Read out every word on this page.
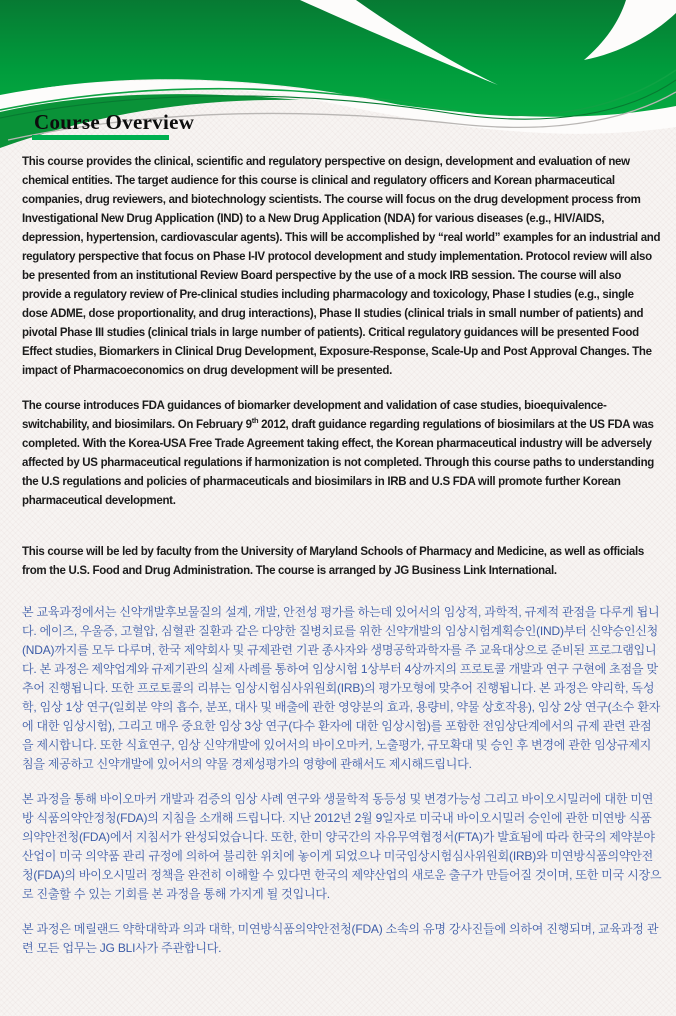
Course Overview

This course provides the clinical, scientific and regulatory perspective on design, development and evaluation of new chemical entities. The target audience for this course is clinical and regulatory officers and Korean pharmaceutical companies, drug reviewers, and biotechnology scientists. The course will focus on the drug development process from Investigational New Drug Application (IND) to a New Drug Application (NDA) for various diseases (e.g., HIV/AIDS, depression, hypertension, cardiovascular agents). This will be accomplished by “real world” examples for an industrial and regulatory perspective that focus on Phase I-IV protocol development and study implementation. Protocol review will also be presented from an institutional Review Board perspective by the use of a mock IRB session. The course will also provide a regulatory review of Pre-clinical studies including pharmacology and toxicology, Phase I studies (e.g., single dose ADME, dose proportionality, and drug interactions), Phase II studies (clinical trials in small number of patients) and pivotal Phase III studies (clinical trials in large number of patients). Critical regulatory guidances will be presented Food Effect studies, Biomarkers in Clinical Drug Development, Exposure-Response, Scale-Up and Post Approval Changes. The impact of Pharmacoeconomics on drug development will be presented.

The course introduces FDA guidances of biomarker development and validation of case studies, bioequivalence-switchability, and biosimilars. On February 9th 2012, draft guidance regarding regulations of biosimilars at the US FDA was completed. With the Korea-USA Free Trade Agreement taking effect, the Korean pharmaceutical industry will be adversely affected by US pharmaceutical regulations if harmonization is not completed. Through this course paths to understanding the U.S regulations and policies of pharmaceuticals and biosimilars in IRB and U.S FDA will promote further Korean pharmaceutical development.

This course will be led by faculty from the University of Maryland Schools of Pharmacy and Medicine, as well as officials from the U.S. Food and Drug Administration. The course is arranged by JG Business Link International.

본 교육과정에서는 신약개발후보물질의 설계, 개발, 안전성 평가를 하는데 있어서의 임상적, 과학적, 규제적 관점을 다루게 됩니다. 에이즈, 우울증, 고혈압, 심혈관 질환과 같은 다양한 질병치료를 위한 신약개발의 임상시험계획승인(IND)부터 신약승인신청(NDA)까지를 모두 다루며, 한국 제약회사 및 규제관련 기관 종사자와 생명공학과학자를 주 교육대상으로 준비된 프로그램입니다. 본 과정은 제약업계와 규제기관의 실제 사례를 통하여 임상시험 1상부터 4상까지의 프로토콜 개발과 연구 구현에 초점을 맞추어 진행됩니다. 또한 프로토콜의 리뷰는 임상시험심사위원회(IRB)의 평가모형에 맞추어 진행됩니다. 본 과정은 약리학, 독성학, 임상 1상 연구(일회분 약의 흡수, 분포, 대사 및 배출에 관한 영양분의 효과, 용량비, 약물 상호작용), 임상 2상 연구(소수 환자에 대한 임상시험), 그리고 매우 중요한 임상 3상 연구(다수 환자에 대한 임상시험)를 포함한 전임상단계에서의 규제 관련 관점을 제시합니다. 또한 식효연구, 임상 신약개발에 있어서의 바이오마커, 노출평가, 규모확대 및 승인 후 변경에 관한 임상규제지침을 제공하고 신약개발에 있어서의 약물 경제성평가의 영향에 관해서도 제시해드립니다.

본 과정을 통해 바이오마커 개발과 검증의 임상 사례 연구와 생물학적 동등성 및 변경가능성 그리고 바이오시밀러에 대한 미연방 식품의약안정청(FDA)의 지침을 소개해 드립니다. 지난 2012년 2월 9일자로 미국내 바이오시밀러 승인에 관한 미연방 식품의약안전청(FDA)에서 지침서가 완성되었습니다. 또한, 한미 양국간의 자유무역협정서(FTA)가 발효됨에 따라 한국의 제약분야산업이 미국 의약품 관리 규정에 의하여 불리한 위치에 놓이게 되었으나 미국임상시험심사위원회(IRB)와 미연방식품의약안전청(FDA)의 바이오시밀러 정책을 완전히 이해할 수 있다면 한국의 제약산업의 새로운 출구가 만들어질 것이며, 또한 미국 시장으로 진출할 수 있는 기회를 본 과정을 통해 가지게 될 것입니다.

본 과정은 메릴랜드 약학대학과 의과 대학, 미연방식품의약안전청(FDA) 소속의 유명 강사진들에 의하여 진행되며, 교육과정 관련 모든 업무는 JG BLI사가 주관합니다.
